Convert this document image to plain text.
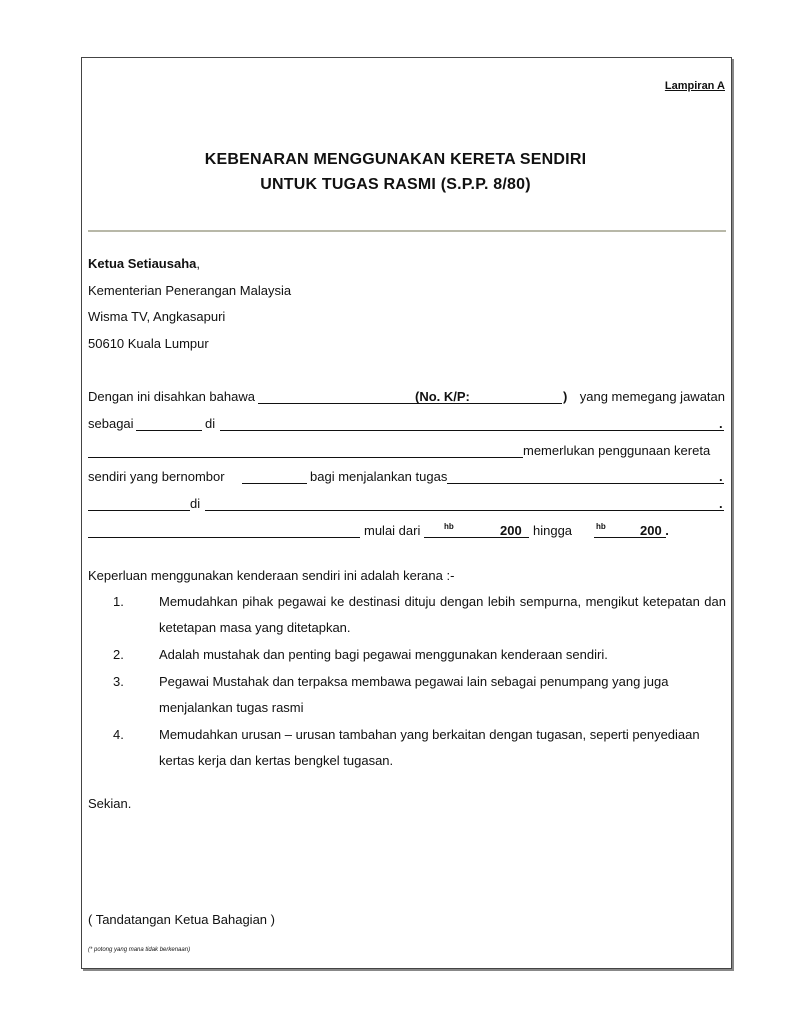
Lampiran A
KEBENARAN MENGGUNAKAN KERETA SENDIRI
UNTUK TUGAS RASMI (S.P.P. 8/80)
Ketua Setiausaha,
Kementerian Penerangan Malaysia
Wisma TV, Angkasapuri
50610 Kuala Lumpur
Dengan ini disahkan bahawa	(No. K/P:	) yang memegang jawatan
sebagai	di	.
memerlukan penggunaan kereta
sendiri yang bernombor	bagi menjalankan tugas	.
di	.
mulai dari	hb	200 hingga	hb	200 .
Keperluan menggunakan kenderaan sendiri ini adalah kerana :-
1.	Memudahkan pihak pegawai ke destinasi dituju dengan lebih sempurna, mengikut ketepatan dan
ketetapan masa yang ditetapkan.
2.	Adalah mustahak dan penting bagi pegawai menggunakan kenderaan sendiri.
3.	Pegawai Mustahak dan terpaksa membawa pegawai lain sebagai penumpang yang juga
menjalankan tugas rasmi
4.	Memudahkan urusan – urusan tambahan yang berkaitan dengan tugasan, seperti penyediaan
kertas kerja dan kertas bengkel tugasan.
Sekian.
( Tandatangan Ketua Bahagian )
(* potong yang mana tidak berkenaan)
